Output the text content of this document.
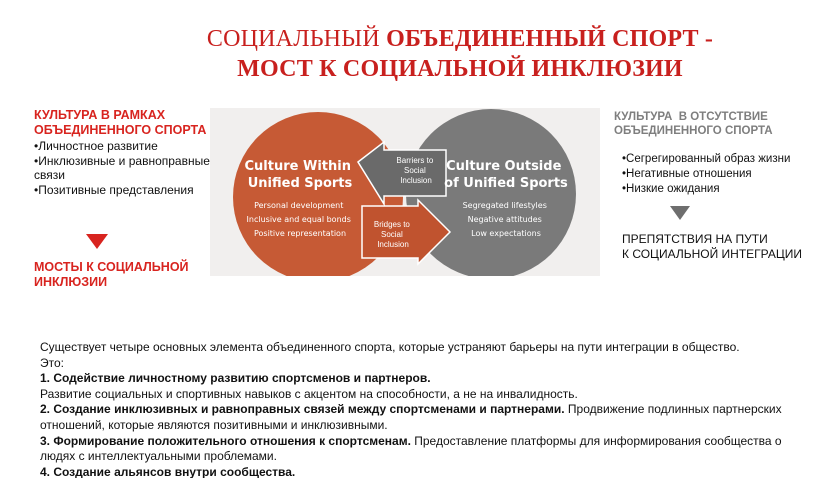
СОЦИАЛЬНЫЙ ОБЪЕДИНЕННЫЙ СПОРТ -
МОСТ К СОЦИАЛЬНОЙ ИНКЛЮЗИИ
КУЛЬТУРА В РАМКАХ ОБЪЕДИНЕННОГО СПОРТА
•Личностное развитие
•Инклюзивные и равноправные связи
•Позитивные представления
МОСТЫ К СОЦИАЛЬНОЙ ИНКЛЮЗИИ
Barriers to Social Inclusion
Bridges to Social Inclusion
Culture Within Unified Sports
Personal development Inclusive and equal bonds Positive representation
Culture Outside of Unified Sports
Segregated lifestyles Negative attitudes Low expectations
КУЛЬТУРА  В ОТСУТСТВИЕ
ОБЪЕДИНЕННОГО СПОРТА
•Сегрегированный образ жизни
•Негативные отношения
•Низкие ожидания
ПРЕПЯТСТВИЯ НА ПУТИ
К СОЦИАЛЬНОЙ ИНТЕГРАЦИИ
Существует четыре основных элемента объединенного спорта, которые устраняют барьеры на пути интеграции в общество.
Это:
1. Содействие личностному развитию спортсменов и партнеров.
Развитие социальных и спортивных навыков с акцентом на способности, а не на инвалидность.
2. Создание инклюзивных и равноправных связей между спортсменами и партнерами. Продвижение подлинных партнерских отношений, которые являются позитивными и инклюзивными.
3. Формирование положительного отношения к спортсменам. Предоставление платформы для информирования сообщества о людях с интеллектуальными проблемами.
4. Создание альянсов внутри сообщества.
